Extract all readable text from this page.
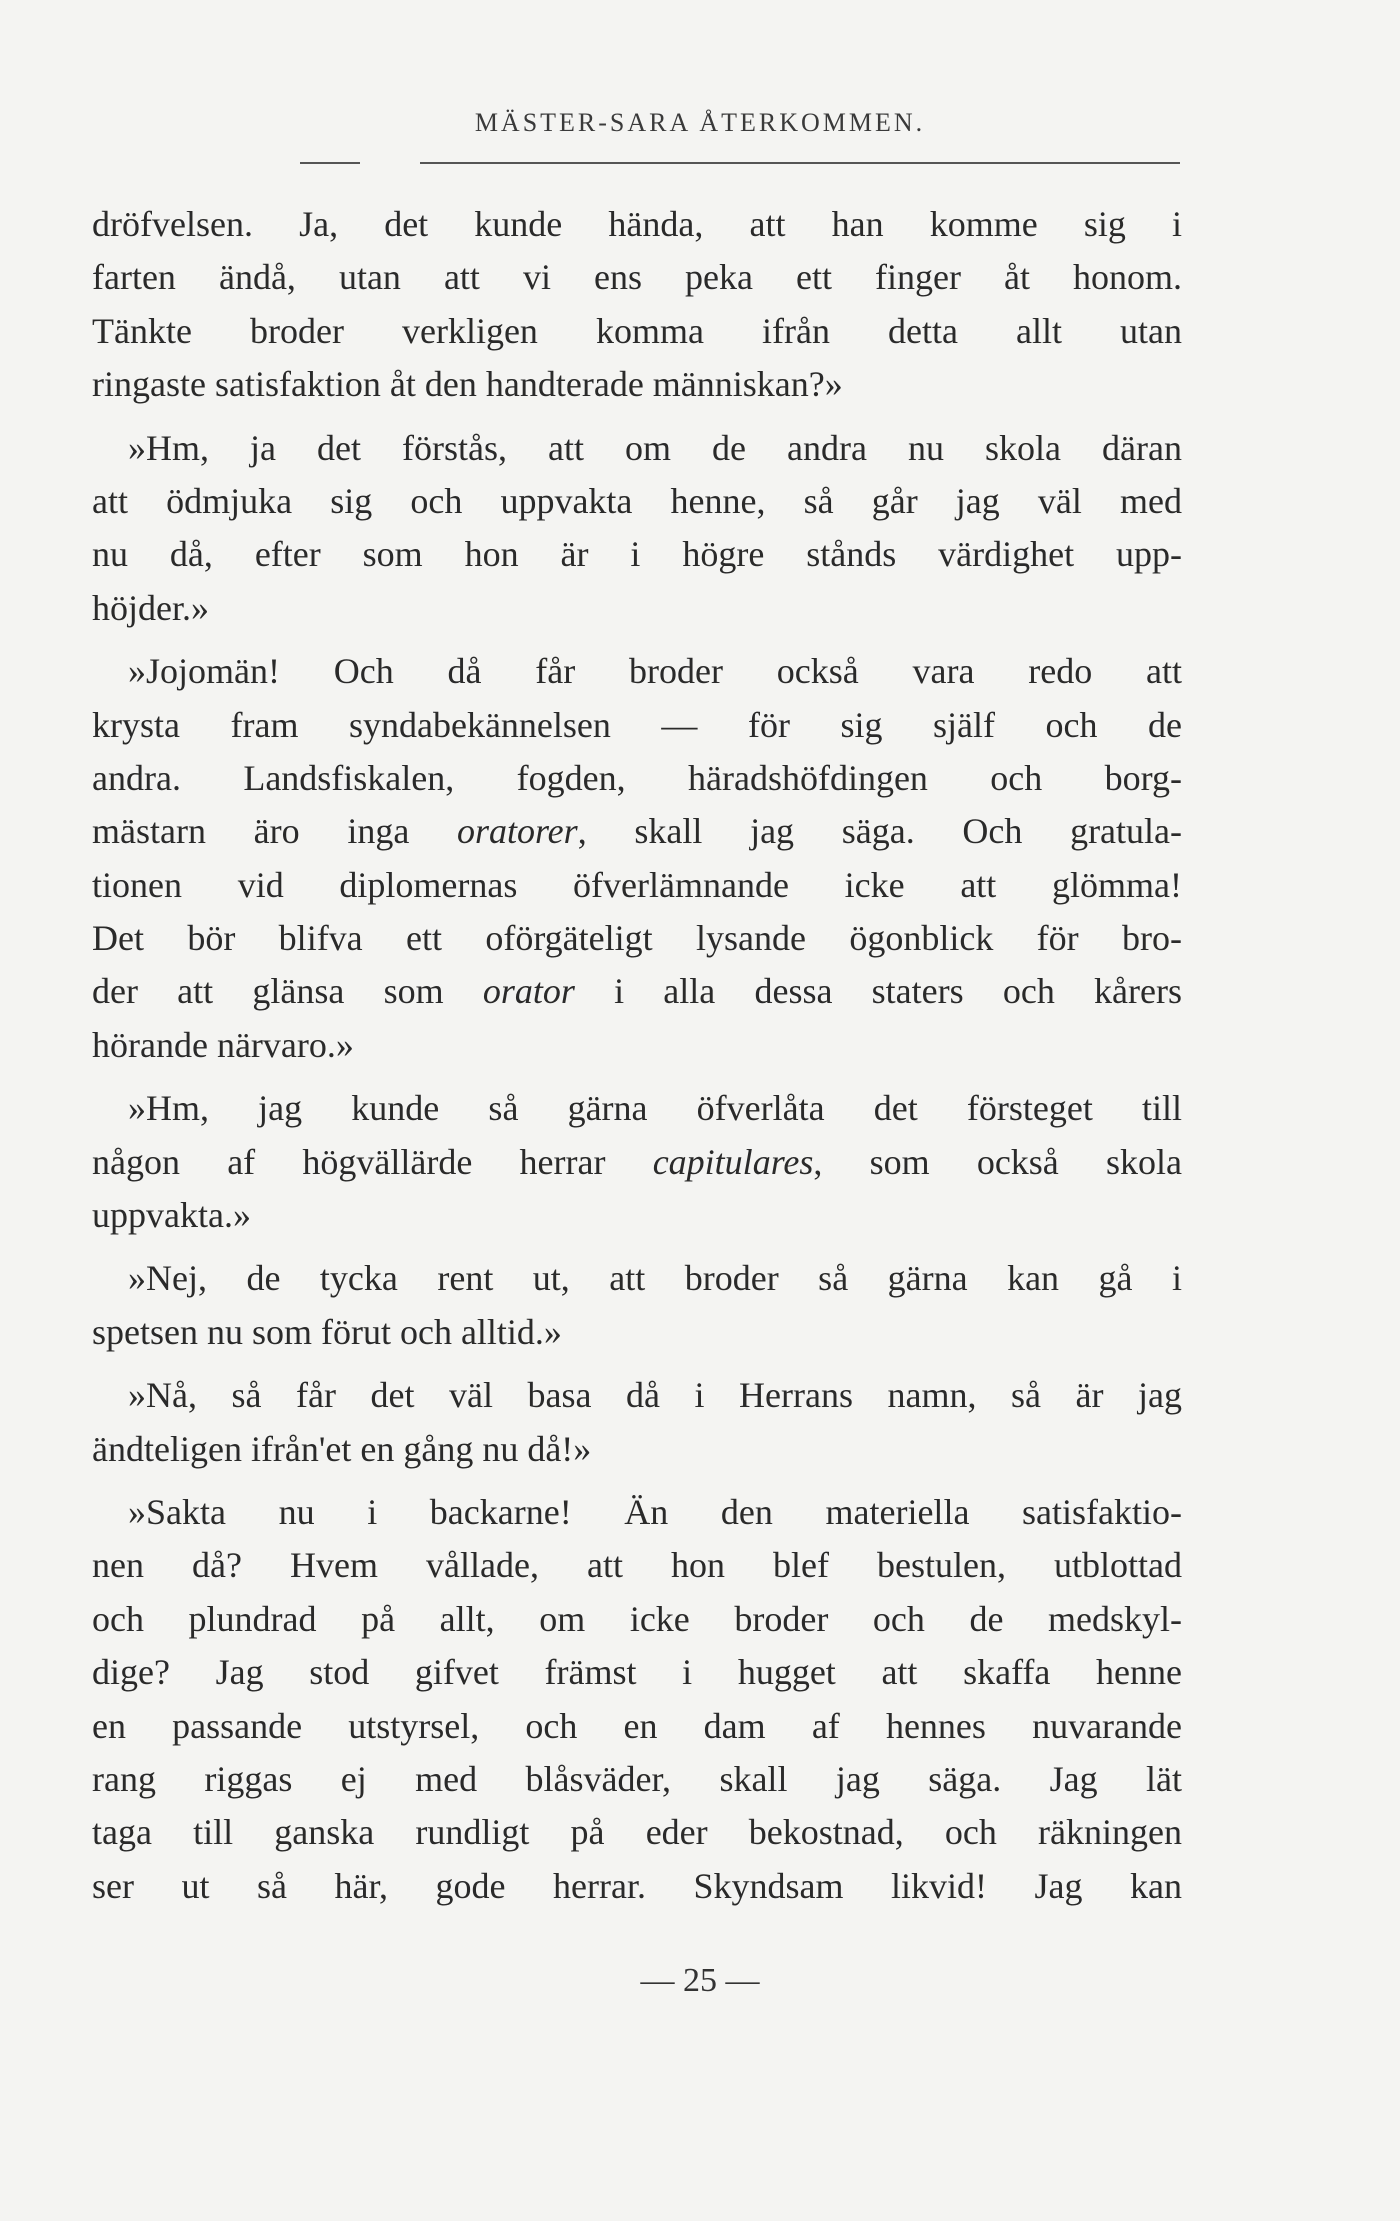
MÄSTER-SARA ÅTERKOMMEN.
dröfvelsen. Ja, det kunde hända, att han komme sig i
farten ändå, utan att vi ens peka ett finger åt honom.
Tänkte broder verkligen komma ifrån detta allt utan
ringaste satisfaktion åt den handterade människan?»
»Hm, ja det förstås, att om de andra nu skola däran
att ödmjuka sig och uppvakta henne, så går jag väl med
nu då, efter som hon är i högre stånds värdighet upp-
höjder.»
»Jojomän! Och då får broder också vara redo att
krysta fram syndabekännelsen — för sig själf och de
andra. Landsfiskalen, fogden, häradshöfdingen och borg-
mästarn äro inga oratorer, skall jag säga. Och gratula-
tionen vid diplomernas öfverlämnande icke att glömma!
Det bör blifva ett oförgäteligt lysande ögonblick för bro-
der att glänsa som orator i alla dessa staters och kårers
hörande närvaro.»
»Hm, jag kunde så gärna öfverlåta det försteget till
någon af högvällärde herrar capitulares, som också skola
uppvakta.»
»Nej, de tycka rent ut, att broder så gärna kan gå i
spetsen nu som förut och alltid.»
»Nå, så får det väl basa då i Herrans namn, så är jag
ändteligen ifrån'et en gång nu då!»
»Sakta nu i backarne! Än den materiella satisfaktio-
nen då? Hvem vållade, att hon blef bestulen, utblottad
och plundrad på allt, om icke broder och de medskyl-
dige? Jag stod gifvet främst i hugget att skaffa henne
en passande utstyrsel, och en dam af hennes nuvarande
rang riggas ej med blåsväder, skall jag säga. Jag lät
taga till ganska rundligt på eder bekostnad, och räkningen
ser ut så här, gode herrar. Skyndsam likvid! Jag kan
— 25 —
